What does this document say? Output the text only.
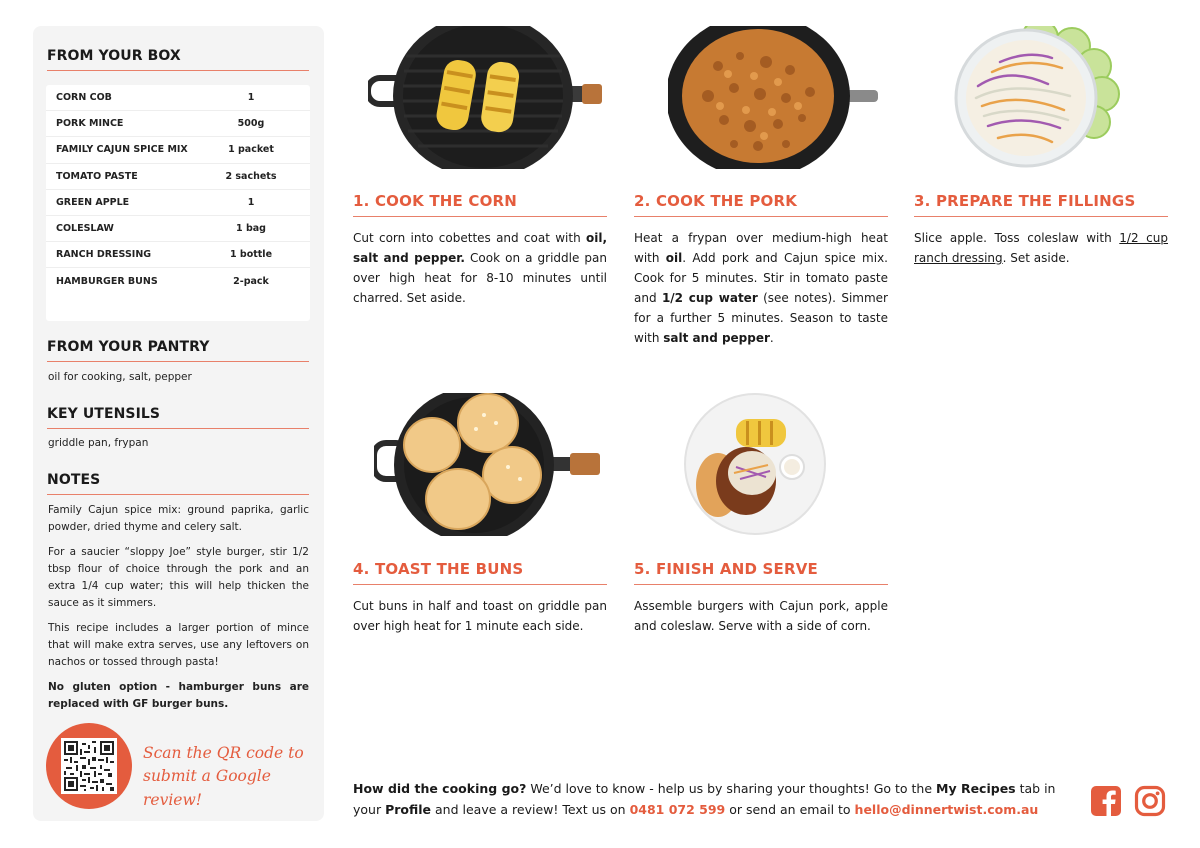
FROM YOUR BOX
CORN COB	1
PORK MINCE	500g
FAMILY CAJUN SPICE MIX	1 packet
TOMATO PASTE	2 sachets
GREEN APPLE	1
COLESLAW	1 bag
RANCH DRESSING	1 bottle
HAMBURGER BUNS	2-pack
FROM YOUR PANTRY
oil for cooking, salt, pepper
KEY UTENSILS
griddle pan, frypan
NOTES

Family Cajun spice mix: ground paprika, garlic powder, dried thyme and celery salt.

For a saucier “sloppy Joe” style burger, stir 1/2 tbsp flour of choice through the pork and an extra 1/4 cup water; this will help thicken the sauce as it simmers.

This recipe includes a larger portion of mince that will make extra serves, use any leftovers on nachos or tossed through pasta!

No gluten option - hamburger buns are replaced with GF burger buns.

Scan the QR code to
submit a Google review!
1. COOK THE CORN
Cut corn into cobettes and coat with oil, salt and pepper. Cook on a griddle pan over high heat for 8-10 minutes until charred. Set aside.
2. COOK THE PORK
Heat a frypan over medium-high heat with oil. Add pork and Cajun spice mix. Cook for 5 minutes. Stir in tomato paste and 1/2 cup water (see notes). Simmer for a further 5 minutes. Season to taste with salt and pepper.
3. PREPARE THE FILLINGS
Slice apple. Toss coleslaw with 1/2 cup ranch dressing. Set aside.
4. TOAST THE BUNS
Cut buns in half and toast on griddle pan over high heat for 1 minute each side.
5. FINISH AND SERVE
Assemble burgers with Cajun pork, apple and coleslaw. Serve with a side of corn.
How did the cooking go? We’d love to know - help us by sharing your thoughts! Go to the My Recipes tab in your Profile and leave a review! Text us on 0481 072 599 or send an email to hello@dinnertwist.com.au
